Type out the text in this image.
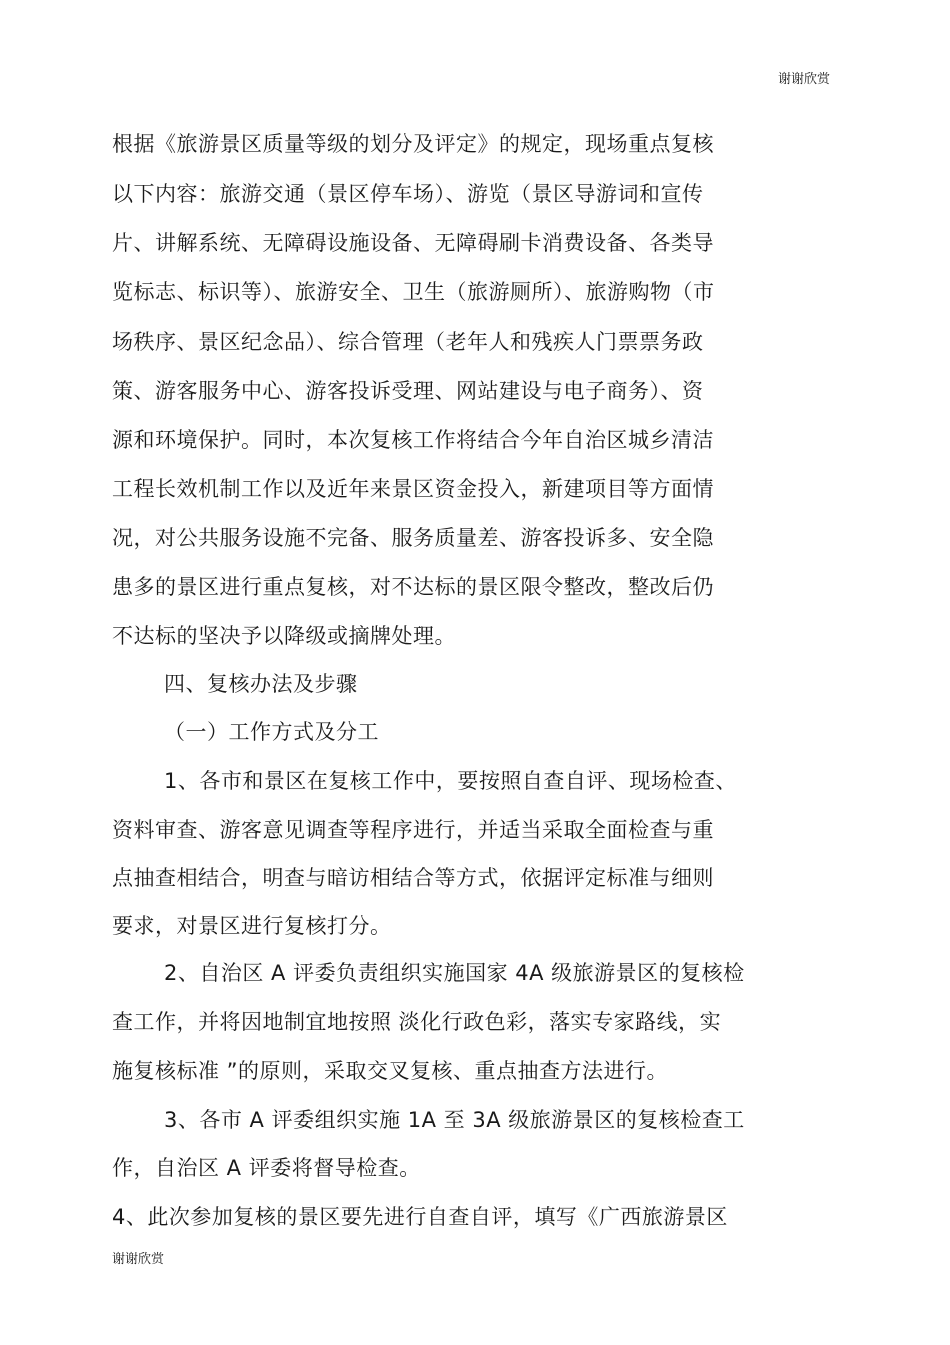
谢谢欣赏
根据《旅游景区质量等级的划分及评定》的规定，现场重点复核
以下内容：旅游交通（景区停车场）、游览（景区导游词和宣传
片、讲解系统、无障碍设施设备、无障碍刷卡消费设备、各类导
览标志、标识等）、旅游安全、卫生（旅游厕所）、旅游购物（市
场秩序、景区纪念品）、综合管理（老年人和残疾人门票票务政
策、游客服务中心、游客投诉受理、网站建设与电子商务）、资
源和环境保护。同时，本次复核工作将结合今年自治区城乡清洁
工程长效机制工作以及近年来景区资金投入，新建项目等方面情
况，对公共服务设施不完备、服务质量差、游客投诉多、安全隐
患多的景区进行重点复核，对不达标的景区限令整改，整改后仍
不达标的坚决予以降级或摘牌处理。
四、复核办法及步骤
（一）工作方式及分工
1、各市和景区在复核工作中，要按照自查自评、现场检查、
资料审查、游客意见调查等程序进行，并适当采取全面检查与重
点抽查相结合，明查与暗访相结合等方式，依据评定标准与细则
要求，对景区进行复核打分。
2、自治区 A 评委负责组织实施国家 4A 级旅游景区的复核检
查工作，并将因地制宜地按照 淡化行政色彩，落实专家路线，实
施复核标准 ”的原则，采取交叉复核、重点抽查方法进行。
3、各市 A 评委组织实施 1A 至 3A 级旅游景区的复核检查工
作，自治区 A 评委将督导检查。
4、此次参加复核的景区要先进行自查自评，填写《广西旅游景区
谢谢欣赏
